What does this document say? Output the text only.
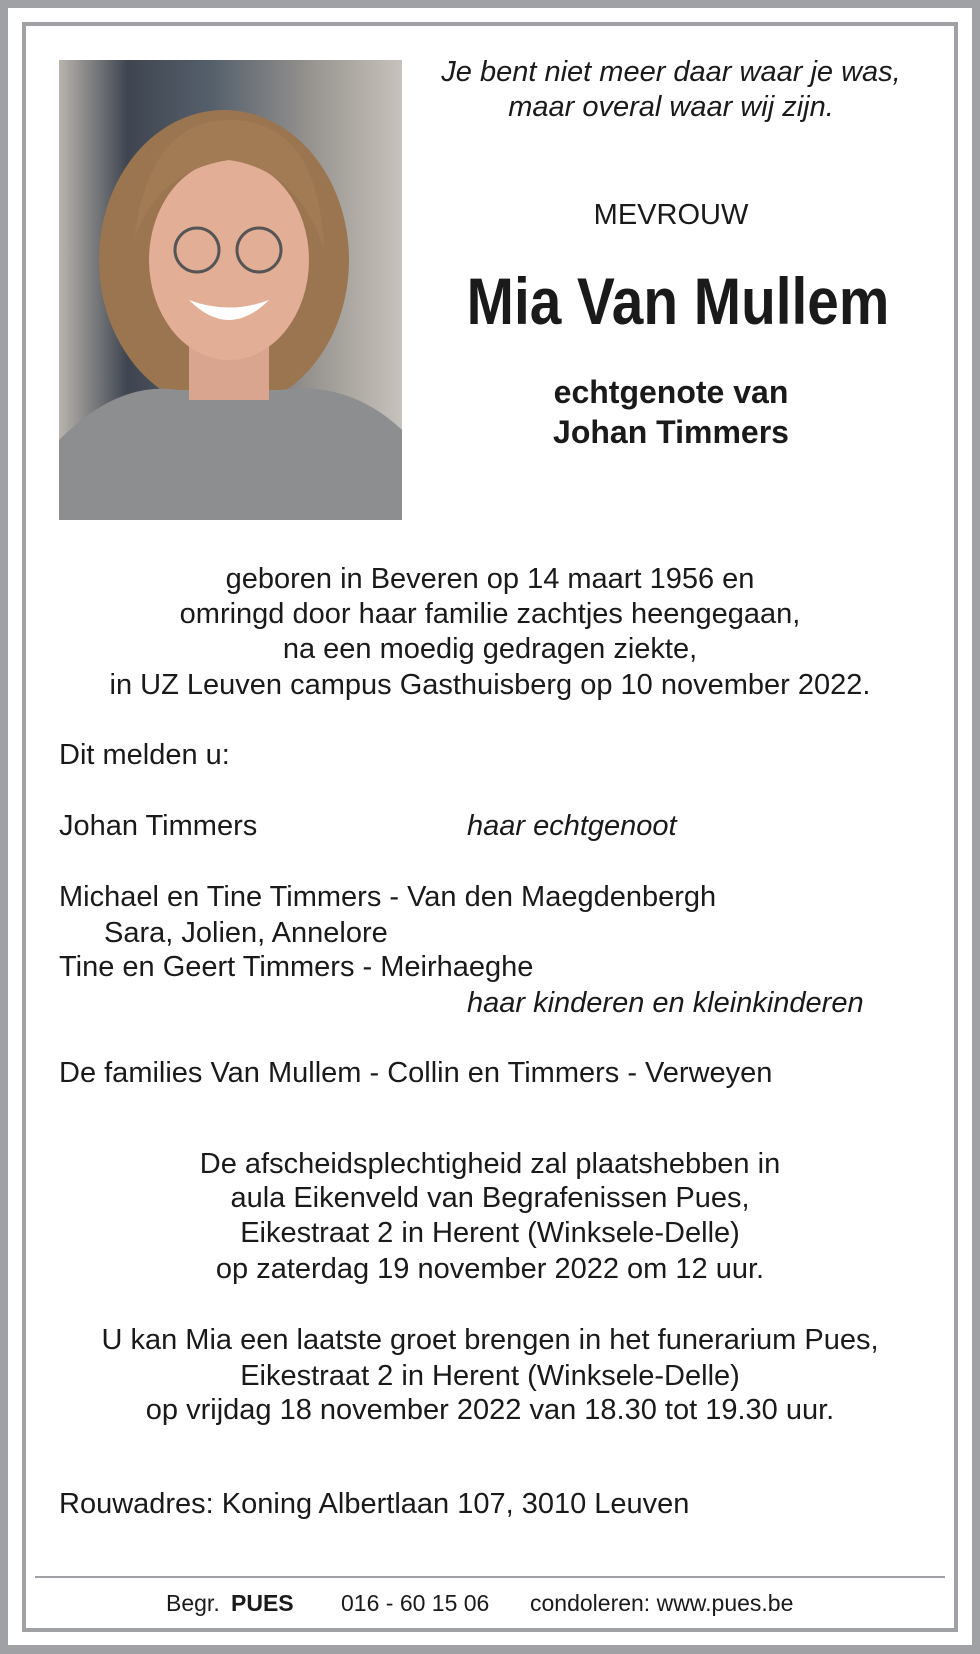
Je bent niet meer daar waar je was,
maar overal waar wij zijn.
MEVROUW
Mia Van Mullem
echtgenote van
Johan Timmers
geboren in Beveren op 14 maart 1956 en
omringd door haar familie zachtjes heengegaan,
na een moedig gedragen ziekte,
in UZ Leuven campus Gasthuisberg op 10 november 2022.
Dit melden u:
Johan Timmers	haar echtgenoot
Michael en Tine Timmers - Van den Maegdenbergh
Sara, Jolien, Annelore
Tine en Geert Timmers - Meirhaeghe
haar kinderen en kleinkinderen
De families Van Mullem - Collin en Timmers - Verweyen
De afscheidsplechtigheid zal plaatshebben in
aula Eikenveld van Begrafenissen Pues,
Eikestraat 2 in Herent (Winksele-Delle)
op zaterdag 19 november 2022 om 12 uur.
U kan Mia een laatste groet brengen in het funerarium Pues,
Eikestraat 2 in Herent (Winksele-Delle)
op vrijdag 18 november 2022 van 18.30 tot 19.30 uur.
Rouwadres: Koning Albertlaan 107, 3010 Leuven
Begr. PUES 016 - 60 15 06 condoleren: www.pues.be
